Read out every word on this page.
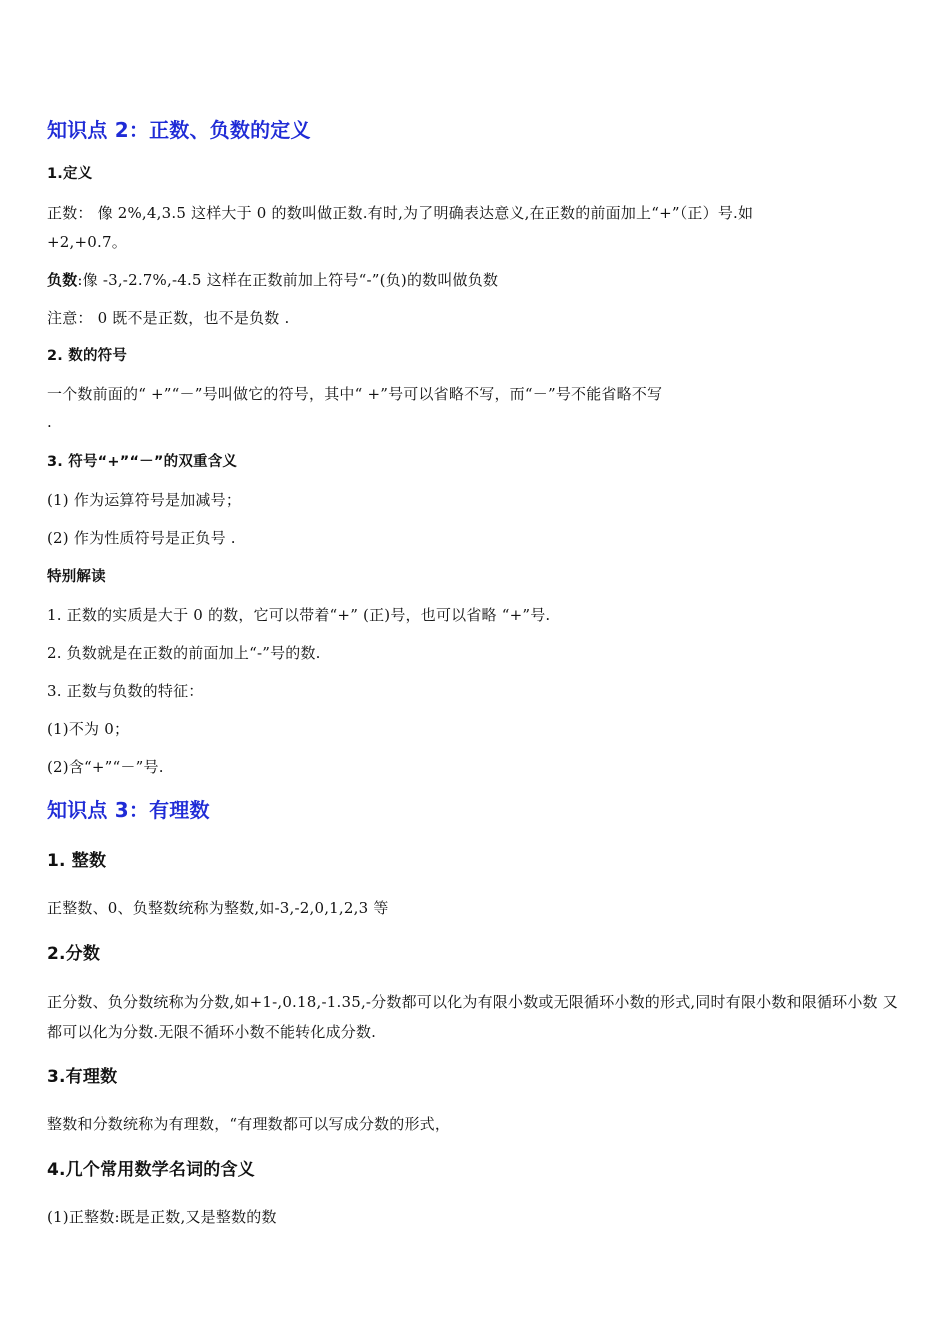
知识点 2：正数、负数的定义
1.定义
正数： 像 2%,4,3.5 这样大于 0 的数叫做正数.有时,为了明确表达意义,在正数的前面加上“+”（正）号.如
+2,+0.7。
负数:像 -3,-2.7%,-4.5 这样在正数前加上符号“-”(负)的数叫做负数
注意： 0 既不是正数，也不是负数 .
2. 数的符号
一个数前面的“ +”“－”号叫做它的符号，其中“ +”号可以省略不写，而“－”号不能省略不写
.
3. 符号“+”“－”的双重含义
(1) 作为运算符号是加减号；
(2) 作为性质符号是正负号 .
特别解读
1. 正数的实质是大于 0 的数，它可以带着“+” (正)号，也可以省略 “+”号.
2. 负数就是在正数的前面加上“-”号的数.
3. 正数与负数的特征：
(1)不为 0；
(2)含“+”“－”号.
知识点 3：有理数
1. 整数
正整数、0、负整数统称为整数,如-3,-2,0,1,2,3 等
2.分数
正分数、负分数统称为分数,如+1-,0.18,-1.35,-分数都可以化为有限小数或无限循环小数的形式,同时有限小数和限循环小数 又都可以化为分数.无限不循环小数不能转化成分数.
3.有理数
整数和分数统称为有理数，“有理数都可以写成分数的形式，
4.几个常用数学名词的含义
(1)正整数:既是正数,又是整数的数
